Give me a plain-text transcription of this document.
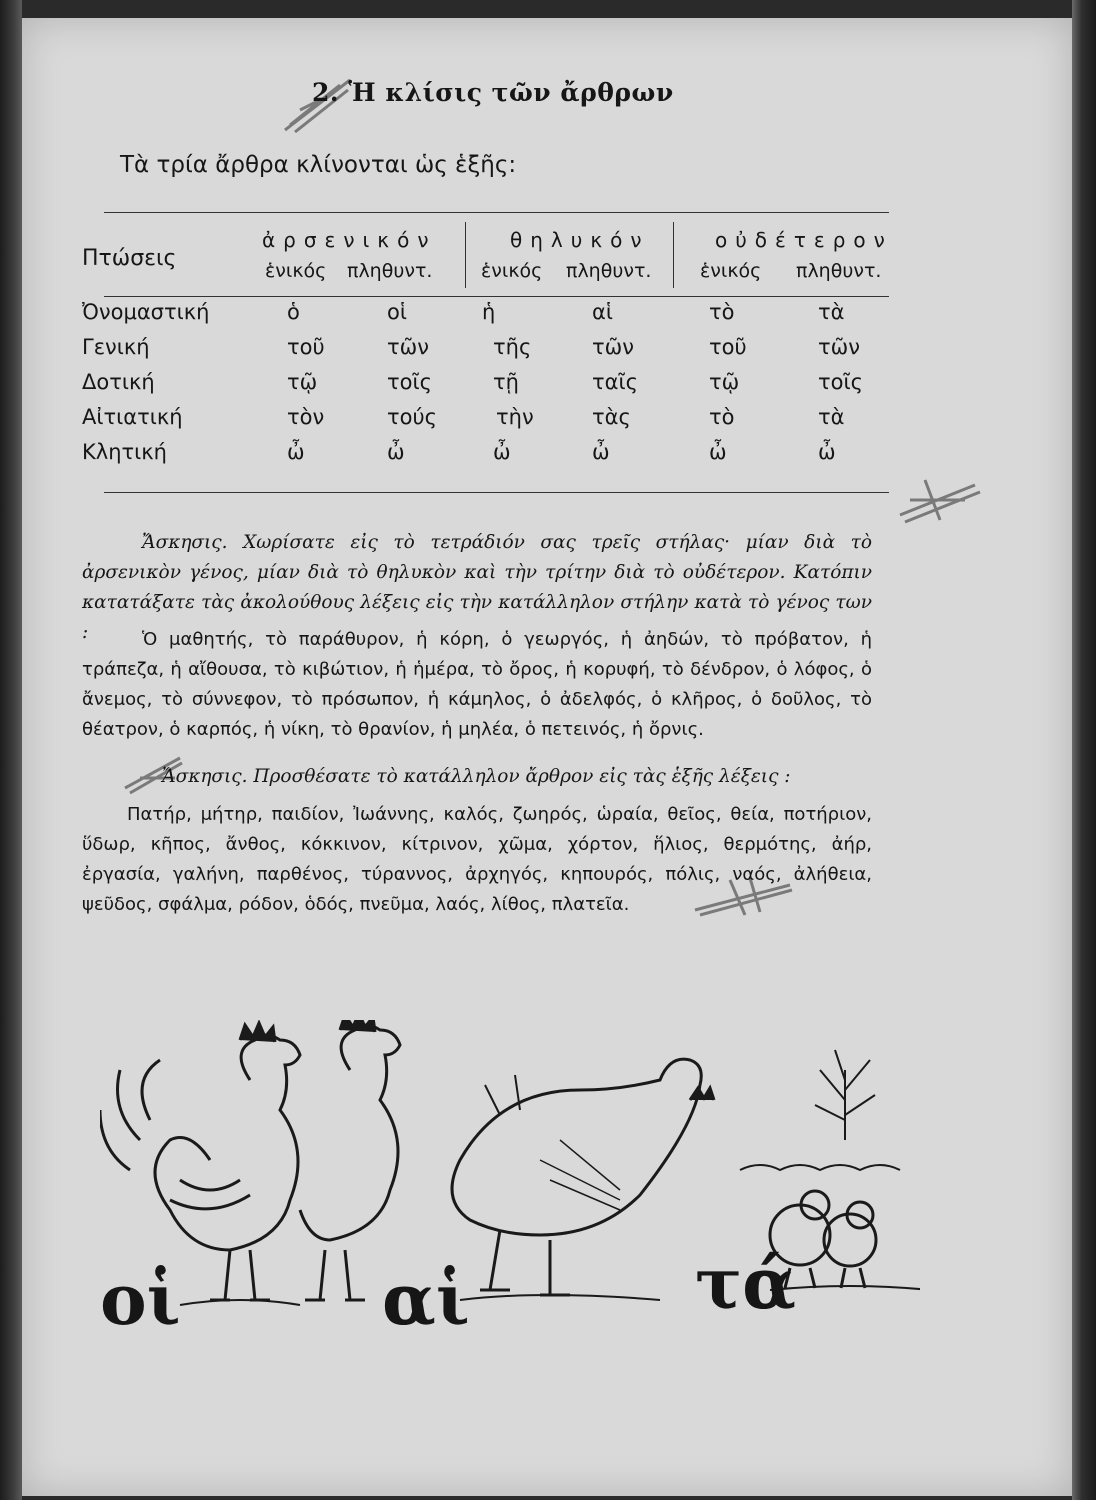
2. Ἡ κλίσις τῶν ἄρθρων
Τὰ τρία ἄρθρα κλίνονται ὡς ἑξῆς:
Πτώσεις
ἀρσενικόν
ἑνικός πληθυντ.
θηλυκόν
ἑνικός πληθυντ.
οὐδέτερον
ἑνικός πληθυντ.
Ὀνομαστική	ὁ	οἱ	ἡ	αἱ	τὸ	τὰ
Γενική	τοῦ	τῶν	τῆς	τῶν	τοῦ	τῶν
Δοτική	τῷ	τοῖς	τῇ	ταῖς	τῷ	τοῖς
Αἰτιατική	τὸν	τούς	τὴν	τὰς	τὸ	τὰ
Κλητική	ὦ	ὦ	ὦ	ὦ	ὦ	ὦ
Ἄσκησις. Χωρίσατε εἰς τὸ τετράδιόν σας τρεῖς στήλας· μίαν διὰ τὸ ἀρσενικὸν γένος, μίαν διὰ τὸ θηλυκὸν καὶ τὴν τρίτην διὰ τὸ οὐδέτερον. Κατόπιν κατατάξατε τὰς ἀκολούθους λέξεις εἰς τὴν κατάλληλον στήλην κατὰ τὸ γένος των :	Ὁ μαθητής, τὸ παράθυρον, ἡ κόρη, ὁ γεωργός, ἡ ἀηδών, τὸ πρόβατον, ἡ τράπεζα, ἡ αἴθουσα, τὸ κιβώτιον, ἡ ἡμέρα, τὸ ὄρος, ἡ κορυφή, τὸ δένδρον, ὁ λόφος, ὁ ἄνεμος, τὸ σύννεφον, τὸ πρόσωπον, ἡ κάμηλος, ὁ ἀδελφός, ὁ κλῆρος, ὁ δοῦλος, τὸ θέατρον, ὁ καρπός, ἡ νίκη, τὸ θρανίον, ἡ μηλέα, ὁ πετεινός, ἡ ὄρνις.
Ἄσκησις. Προσθέσατε τὸ κατάλληλον ἄρθρον εἰς τὰς ἑξῆς λέξεις :
Πατήρ, μήτηρ, παιδίον, Ἰωάννης, καλός, ζωηρός, ὡραία, θεῖος, θεία, ποτήριον, ὕδωρ, κῆπος, ἄνθος, κόκκινον, κίτρινον, χῶμα, χόρτον, ἥλιος, θερμότης, ἀήρ, ἐργασία, γαλήνη, παρθένος, τύραννος, ἀρχηγός, κηπουρός, πόλις, ναός, ἀλήθεια, ψεῦδος, σφάλμα, ρόδον, ὁδός, πνεῦμα, λαός, λίθος, πλατεῖα.
οἱ	αἱ	τά
